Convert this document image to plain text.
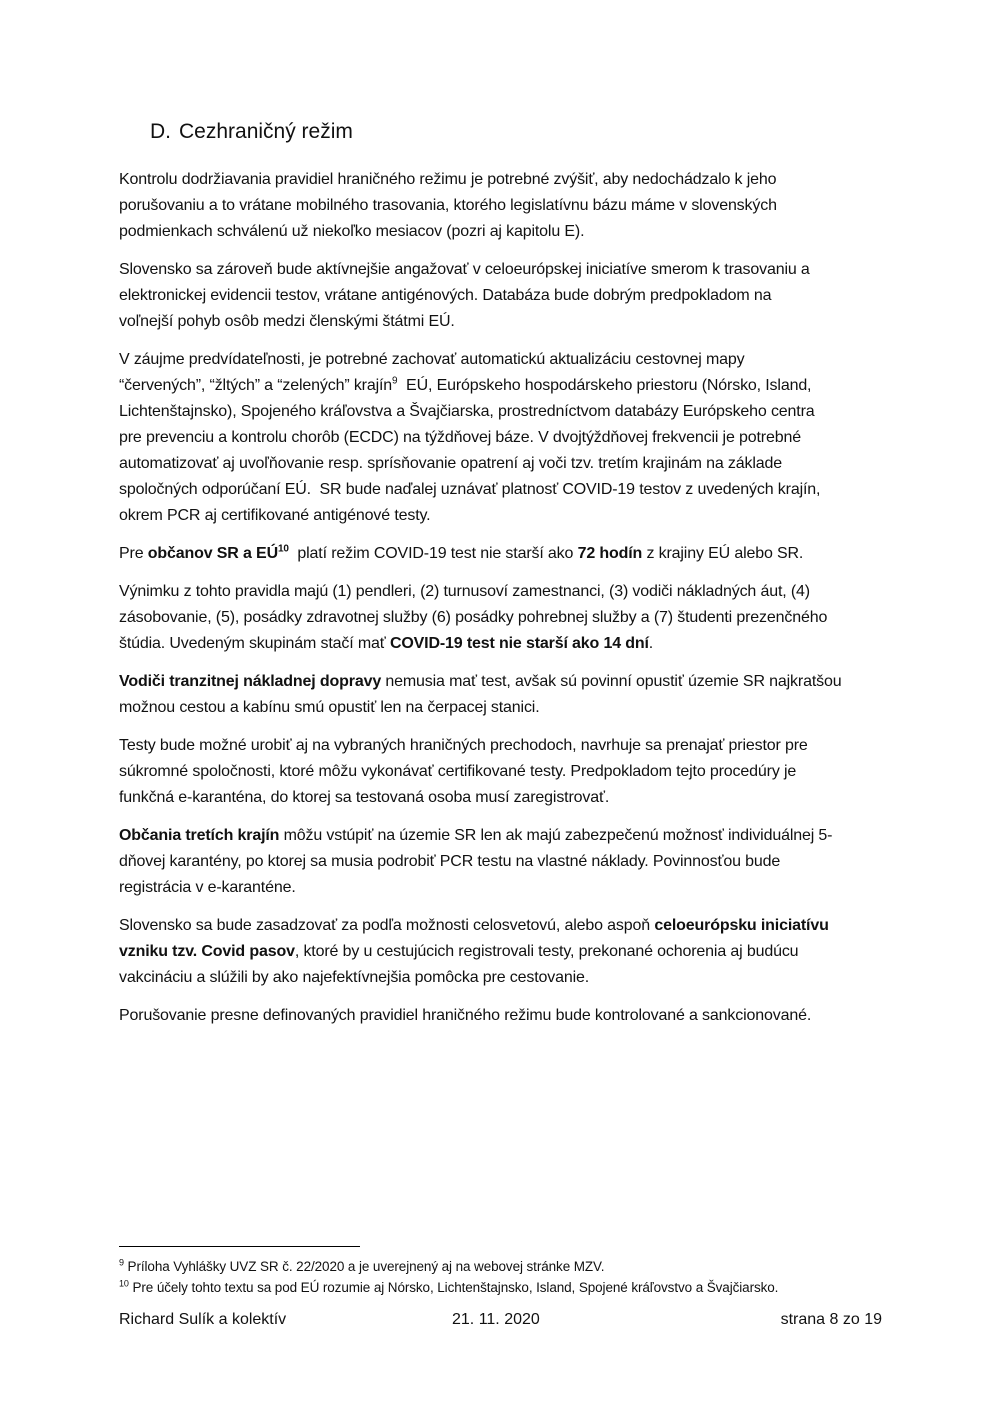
D. Cezhraničný režim

Kontrolu dodržiavania pravidiel hraničného režimu je potrebné zvýšiť, aby nedochádzalo k jeho
porušovaniu a to vrátane mobilného trasovania, ktorého legislatívnu bázu máme v slovenských
podmienkach schválenú už niekoľko mesiacov (pozri aj kapitolu E).

Slovensko sa zároveň bude aktívnejšie angažovať v celoeurópskej iniciatíve smerom k trasovaniu a
elektronickej evidencii testov, vrátane antigénových. Databáza bude dobrým predpokladom na
voľnejší pohyb osôb medzi členskými štátmi EÚ.

V záujme predvídateľnosti, je potrebné zachovať automatickú aktualizáciu cestovnej mapy
“červených”, “žltých” a “zelených” krajín$^9$  EÚ, Európskeho hospodárskeho priestoru (Nórsko, Island,
Lichtenštajnsko), Spojeného kráľovstva a Švajčiarska, prostredníctvom databázy Európskeho centra
pre prevenciu a kontrolu chorôb (ECDC) na týždňovej báze. V dvojtýždňovej frekvencii je potrebné
automatizovať aj uvoľňovanie resp. sprísňovanie opatrení aj voči tzv. tretím krajinám na základe
spoločných odporúčaní EÚ.  SR bude naďalej uznávať platnosť COVID-19 testov z uvedených krajín,
okrem PCR aj certifikované antigénové testy.

Pre občanov SR a EÚ$^{10}$  platí režim COVID-19 test nie starší ako 72 hodín z krajiny EÚ alebo SR.

Výnimku z tohto pravidla majú (1) pendleri, (2) turnusoví zamestnanci, (3) vodiči nákladných áut, (4)
zásobovanie, (5), posádky zdravotnej služby (6) posádky pohrebnej služby a (7) študenti prezenčného
štúdia. Uvedeným skupinám stačí mať COVID-19 test nie starší ako 14 dní.

Vodiči tranzitnej nákladnej dopravy nemusia mať test, avšak sú povinní opustiť územie SR najkratšou
možnou cestou a kabínu smú opustiť len na čerpacej stanici.

Testy bude možné urobiť aj na vybraných hraničných prechodoch, navrhuje sa prenajať priestor pre
súkromné spoločnosti, ktoré môžu vykonávať certifikované testy. Predpokladom tejto procedúry je
funkčná e-karanténa, do ktorej sa testovaná osoba musí zaregistrovať.

Občania tretích krajín môžu vstúpiť na územie SR len ak majú zabezpečenú možnosť individuálnej 5-
dňovej karantény, po ktorej sa musia podrobiť PCR testu na vlastné náklady. Povinnosťou bude
registrácia v e-karanténe.

Slovensko sa bude zasadzovať za podľa možnosti celosvetovú, alebo aspoň celoeurópsku iniciatívu
vzniku tzv. Covid pasov, ktoré by u cestujúcich registrovali testy, prekonané ochorenia aj budúcu
vakcináciu a slúžili by ako najefektívnejšia pomôcka pre cestovanie.

Porušovanie presne definovaných pravidiel hraničného režimu bude kontrolované a sankcionované.

$^9$ Príloha Vyhlášky UVZ SR č. 22/2020 a je uverejnený aj na webovej stránke MZV.
$^{10}$ Pre účely tohto textu sa pod EÚ rozumie aj Nórsko, Lichtenštajnsko, Island, Spojené kráľovstvo a Švajčiarsko.
Richard Sulík a kolektív	21. 11. 2020	strana 8 zo 19
